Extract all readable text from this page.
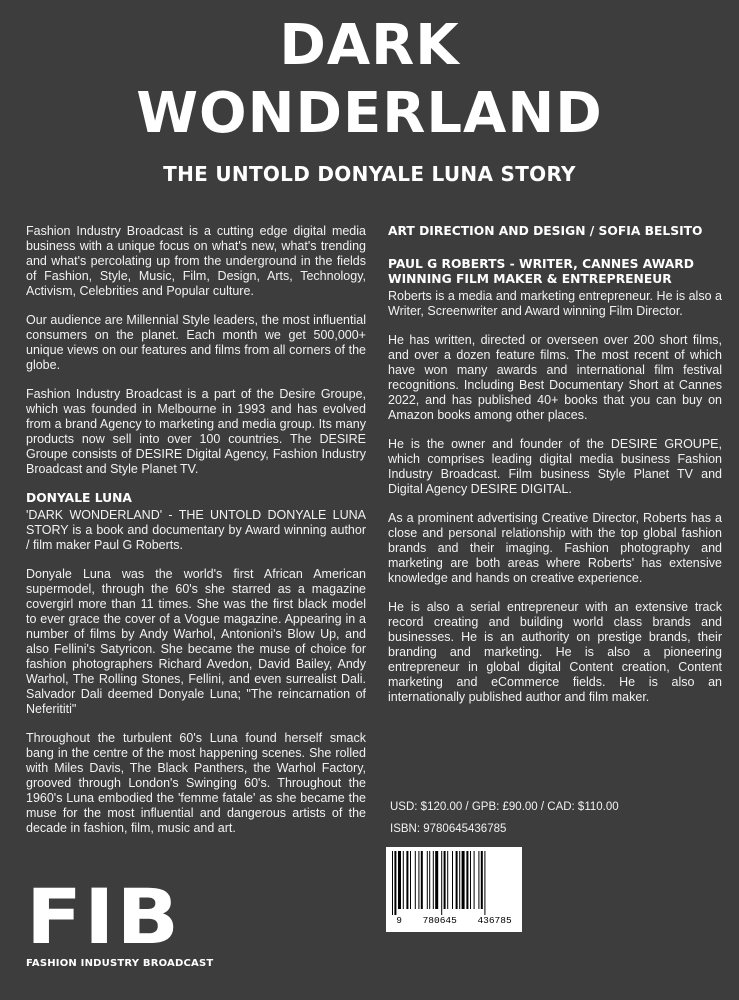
DARK
WONDERLAND
THE UNTOLD DONYALE LUNA STORY

Fashion Industry Broadcast is a cutting edge digital media business with a unique focus on what's new, what's trending and what's percolating up from the underground in the fields of Fashion, Style, Music, Film, Design, Arts, Technology, Activism, Celebrities and Popular culture.

Our audience are Millennial Style leaders, the most influential consumers on the planet. Each month we get 500,000+ unique views on our features and films from all corners of the globe.

Fashion Industry Broadcast is a part of the Desire Groupe, which was founded in Melbourne in 1993 and has evolved from a brand Agency to marketing and media group. Its many products now sell into over 100 countries. The DESIRE Groupe consists of DESIRE Digital Agency, Fashion Industry Broadcast and Style Planet TV.

DONYALE LUNA

'DARK WONDERLAND' - THE UNTOLD DONYALE LUNA STORY is a book and documentary by Award winning author / film maker Paul G Roberts.

Donyale Luna was the world's first African American supermodel, through the 60's she starred as a magazine covergirl more than 11 times. She was the first black model to ever grace the cover of a Vogue magazine. Appearing in a number of films by Andy Warhol, Antonioni's Blow Up, and also Fellini's Satyricon. She became the muse of choice for fashion photographers Richard Avedon, David Bailey, Andy Warhol, The Rolling Stones, Fellini, and even surrealist Dali. Salvador Dali deemed Donyale Luna; "The reincarnation of Neferititi"

Throughout the turbulent 60's Luna found herself smack bang in the centre of the most happening scenes. She rolled with Miles Davis, The Black Panthers, the Warhol Factory, grooved through London's Swinging 60's. Throughout the 1960's Luna embodied the 'femme fatale' as she became the muse for the most influential and dangerous artists of the decade in fashion, film, music and art.

ART DIRECTION AND DESIGN / SOFIA BELSITO
PAUL G ROBERTS - WRITER, CANNES AWARD WINNING FILM MAKER & ENTREPRENEUR

Roberts is a media and marketing entrepreneur. He is also a Writer, Screenwriter and Award winning Film Director.

He has written, directed or overseen over 200 short films, and over a dozen feature films. The most recent of which have won many awards and international film festival recognitions. Including Best Documentary Short at Cannes 2022, and has published 40+ books that you can buy on Amazon books among other places.

He is the owner and founder of the DESIRE GROUPE, which comprises leading digital media business Fashion Industry Broadcast. Film business Style Planet TV and Digital Agency DESIRE DIGITAL.

As a prominent advertising Creative Director, Roberts has a close and personal relationship with the top global fashion brands and their imaging. Fashion photography and marketing are both areas where Roberts' has extensive knowledge and hands on creative experience.

He is also a serial entrepreneur with an extensive track record creating and building world class brands and businesses. He is an authority on prestige brands, their branding and marketing. He is also a pioneering entrepreneur in global digital Content creation, Content marketing and eCommerce fields. He is also an internationally published author and film maker.

USD: $120.00 / GPB: £90.00 / CAD: $110.00
ISBN: 9780645436785
9 780645 436785
FIB
FASHION INDUSTRY BROADCAST
